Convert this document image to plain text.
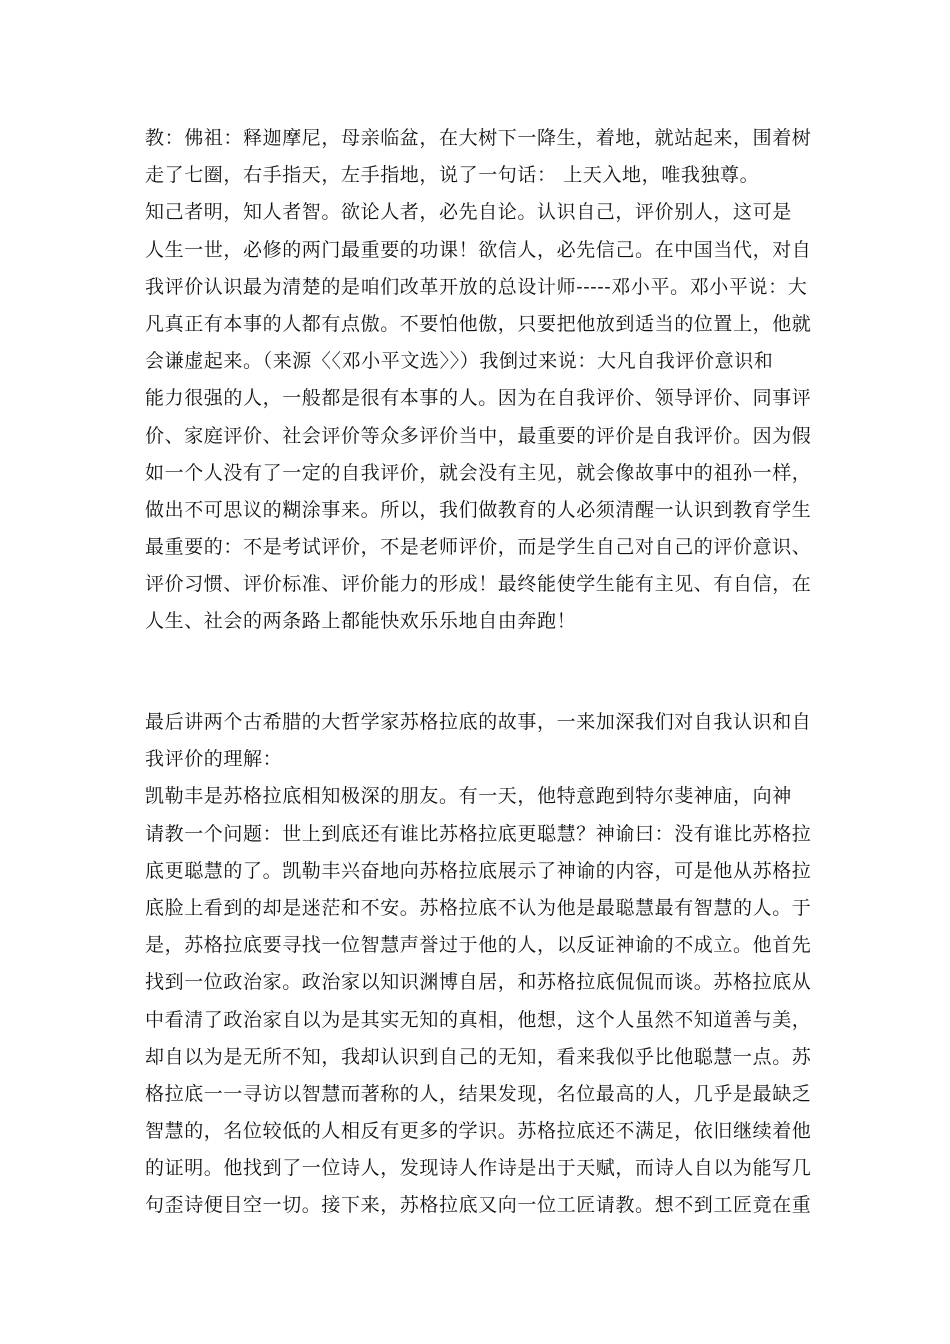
教：佛祖：释迦摩尼，母亲临盆，在大树下一降生，着地，就站起来，围着树
走了七圈，右手指天，左手指地，说了一句话： 上天入地，唯我独尊。
知己者明，知人者智。欲论人者，必先自论。认识自己，评价别人，这可是
人生一世，必修的两门最重要的功课！欲信人，必先信己。在中国当代，对自
我评价认识最为清楚的是咱们改革开放的总设计师-----邓小平。邓小平说：大
凡真正有本事的人都有点傲。不要怕他傲，只要把他放到适当的位置上，他就
会谦虚起来。（来源〈〈邓小平文选〉〉）我倒过来说：大凡自我评价意识和
能力很强的人，一般都是很有本事的人。因为在自我评价、领导评价、同事评
价、家庭评价、社会评价等众多评价当中，最重要的评价是自我评价。因为假
如一个人没有了一定的自我评价，就会没有主见，就会像故事中的祖孙一样，
做出不可思议的糊涂事来。所以，我们做教育的人必须清醒一认识到教育学生
最重要的：不是考试评价，不是老师评价，而是学生自己对自己的评价意识、
评价习惯、评价标准、评价能力的形成！最终能使学生能有主见、有自信，在
人生、社会的两条路上都能快欢乐乐地自由奔跑！
最后讲两个古希腊的大哲学家苏格拉底的故事，一来加深我们对自我认识和自
我评价的理解：
凯勒丰是苏格拉底相知极深的朋友。有一天，他特意跑到特尔斐神庙，向神
请教一个问题：世上到底还有谁比苏格拉底更聪慧？神谕曰：没有谁比苏格拉
底更聪慧的了。凯勒丰兴奋地向苏格拉底展示了神谕的内容，可是他从苏格拉
底脸上看到的却是迷茫和不安。苏格拉底不认为他是最聪慧最有智慧的人。于
是，苏格拉底要寻找一位智慧声誉过于他的人，以反证神谕的不成立。他首先
找到一位政治家。政治家以知识渊博自居，和苏格拉底侃侃而谈。苏格拉底从
中看清了政治家自以为是其实无知的真相，他想，这个人虽然不知道善与美，
却自以为是无所不知，我却认识到自己的无知，看来我似乎比他聪慧一点。苏
格拉底一一寻访以智慧而著称的人，结果发现，名位最高的人，几乎是最缺乏
智慧的，名位较低的人相反有更多的学识。苏格拉底还不满足，依旧继续着他
的证明。他找到了一位诗人，发现诗人作诗是出于天赋，而诗人自以为能写几
句歪诗便目空一切。接下来，苏格拉底又向一位工匠请教。想不到工匠竟在重
